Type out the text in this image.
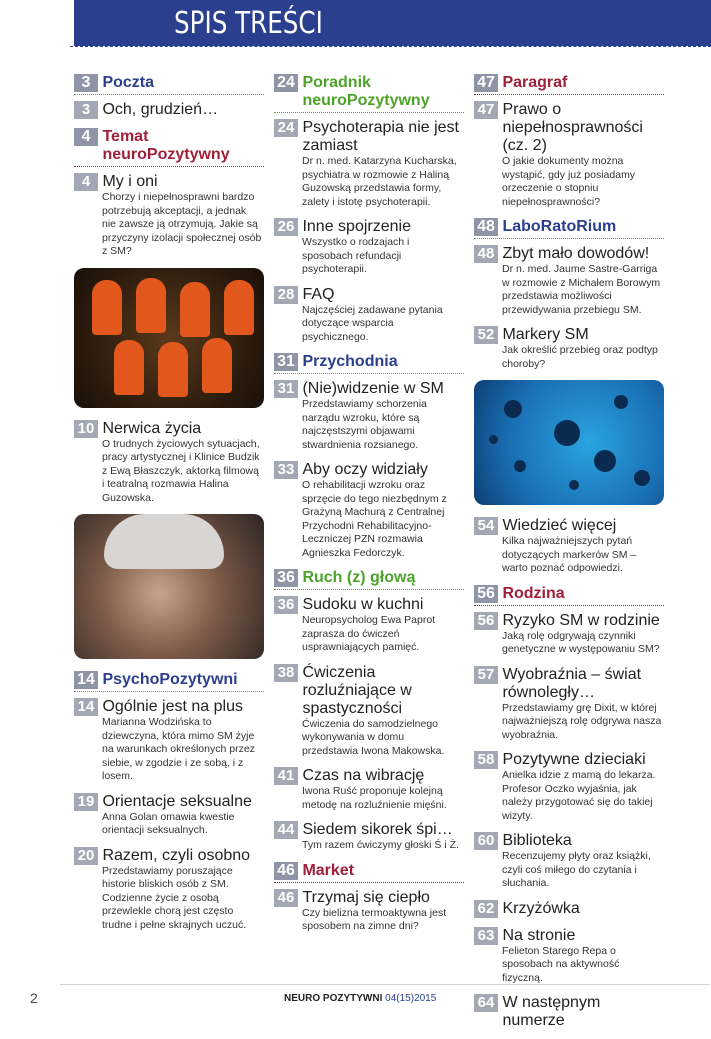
SPIS TREŚCI
3 Poczta
3 Och, grudzień…
4 Temat neuroPozytywny
4 My i oni
Chorzy i niepełnosprawni bardzo potrzebują akceptacji, a jednak nie zawsze ją otrzymują. Jakie są przyczyny izolacji społecznej osób z SM?
10 Nerwica życia
O trudnych życiowych sytuacjach, pracy artystycznej i Klinice Budzik z Ewą Błaszczyk, aktorką filmową i teatralną rozmawia Halina Guzowska.
14 PsychoPozytywni
14 Ogólnie jest na plus
Marianna Wodzińska to dziewczyna, która mimo SM żyje na warunkach określonych przez siebie, w zgodzie i ze sobą, i z losem.
19 Orientacje seksualne
Anna Golan omawia kwestie orientacji seksualnych.
20 Razem, czyli osobno
Przedstawiamy poruszające historie bliskich osób z SM. Codzienne życie z osobą przewlekle chorą jest często trudne i pełne skrajnych uczuć.
24 Poradnik neuroPozytywny
24 Psychoterapia nie jest zamiast
Dr n. med. Katarzyna Kucharska, psychiatra w rozmowie z Haliną Guzowską przedstawia formy, zalety i istotę psychoterapii.
26 Inne spojrzenie
Wszystko o rodzajach i sposobach refundacji psychoterapii.
28 FAQ
Najczęściej zadawane pytania dotyczące wsparcia psychicznego.
31 Przychodnia
31 (Nie)widzenie w SM
Przedstawiamy schorzenia narządu wzroku, które są najczęstszymi objawami stwardnienia rozsianego.
33 Aby oczy widziały
O rehabilitacji wzroku oraz sprzęcie do tego niezbędnym z Grażyną Machurą z Centralnej Przychodni Rehabilitacyjno-Leczniczej PZN rozmawia Agnieszka Fedorczyk.
36 Ruch (z) głową
36 Sudoku w kuchni
Neuropsycholog Ewa Paprot zaprasza do ćwiczeń usprawniających pamięć.
38 Ćwiczenia rozluźniające w spastyczności
Ćwiczenia do samodzielnego wykonywania w domu przedstawia Iwona Makowska.
41 Czas na wibrację
Iwona Ruść proponuje kolejną metodę na rozluźnienie mięśni.
44 Siedem sikorek śpi…
Tym razem ćwiczymy głoski Ś i Ż.
46 Market
46 Trzymaj się ciepło
Czy bielizna termoaktywna jest sposobem na zimne dni?
47 Paragraf
47 Prawo o niepełnosprawności (cz. 2)
O jakie dokumenty można wystąpić, gdy już posiadamy orzeczenie o stopniu niepełnosprawności?
48 LaboRatoRium
48 Zbyt mało dowodów!
Dr n. med. Jaume Sastre-Garriga w rozmowie z Michałem Borowym przedstawia możliwości przewidywania przebiegu SM.
52 Markery SM
Jak określić przebieg oraz podtyp choroby?
54 Wiedzieć więcej
Kilka najważniejszych pytań dotyczących markerów SM – warto poznać odpowiedzi.
56 Rodzina
56 Ryzyko SM w rodzinie
Jaką rolę odgrywają czynniki genetyczne w występowaniu SM?
57 Wyobraźnia – świat równoległy…
Przedstawiamy grę Dixit, w której najważniejszą rolę odgrywa nasza wyobraźnia.
58 Pozytywne dzieciaki
Anielka idzie z mamą do lekarza. Profesor Oczko wyjaśnia, jak należy przygotować się do takiej wizyty.
60 Biblioteka
Recenzujemy płyty oraz książki, czyli coś miłego do czytania i słuchania.
62 Krzyżówka
63 Na stronie
Felieton Starego Repa o sposobach na aktywność fizyczną.
64 W następnym numerze
2	NEURO POZYTYWNI 04(15)2015
